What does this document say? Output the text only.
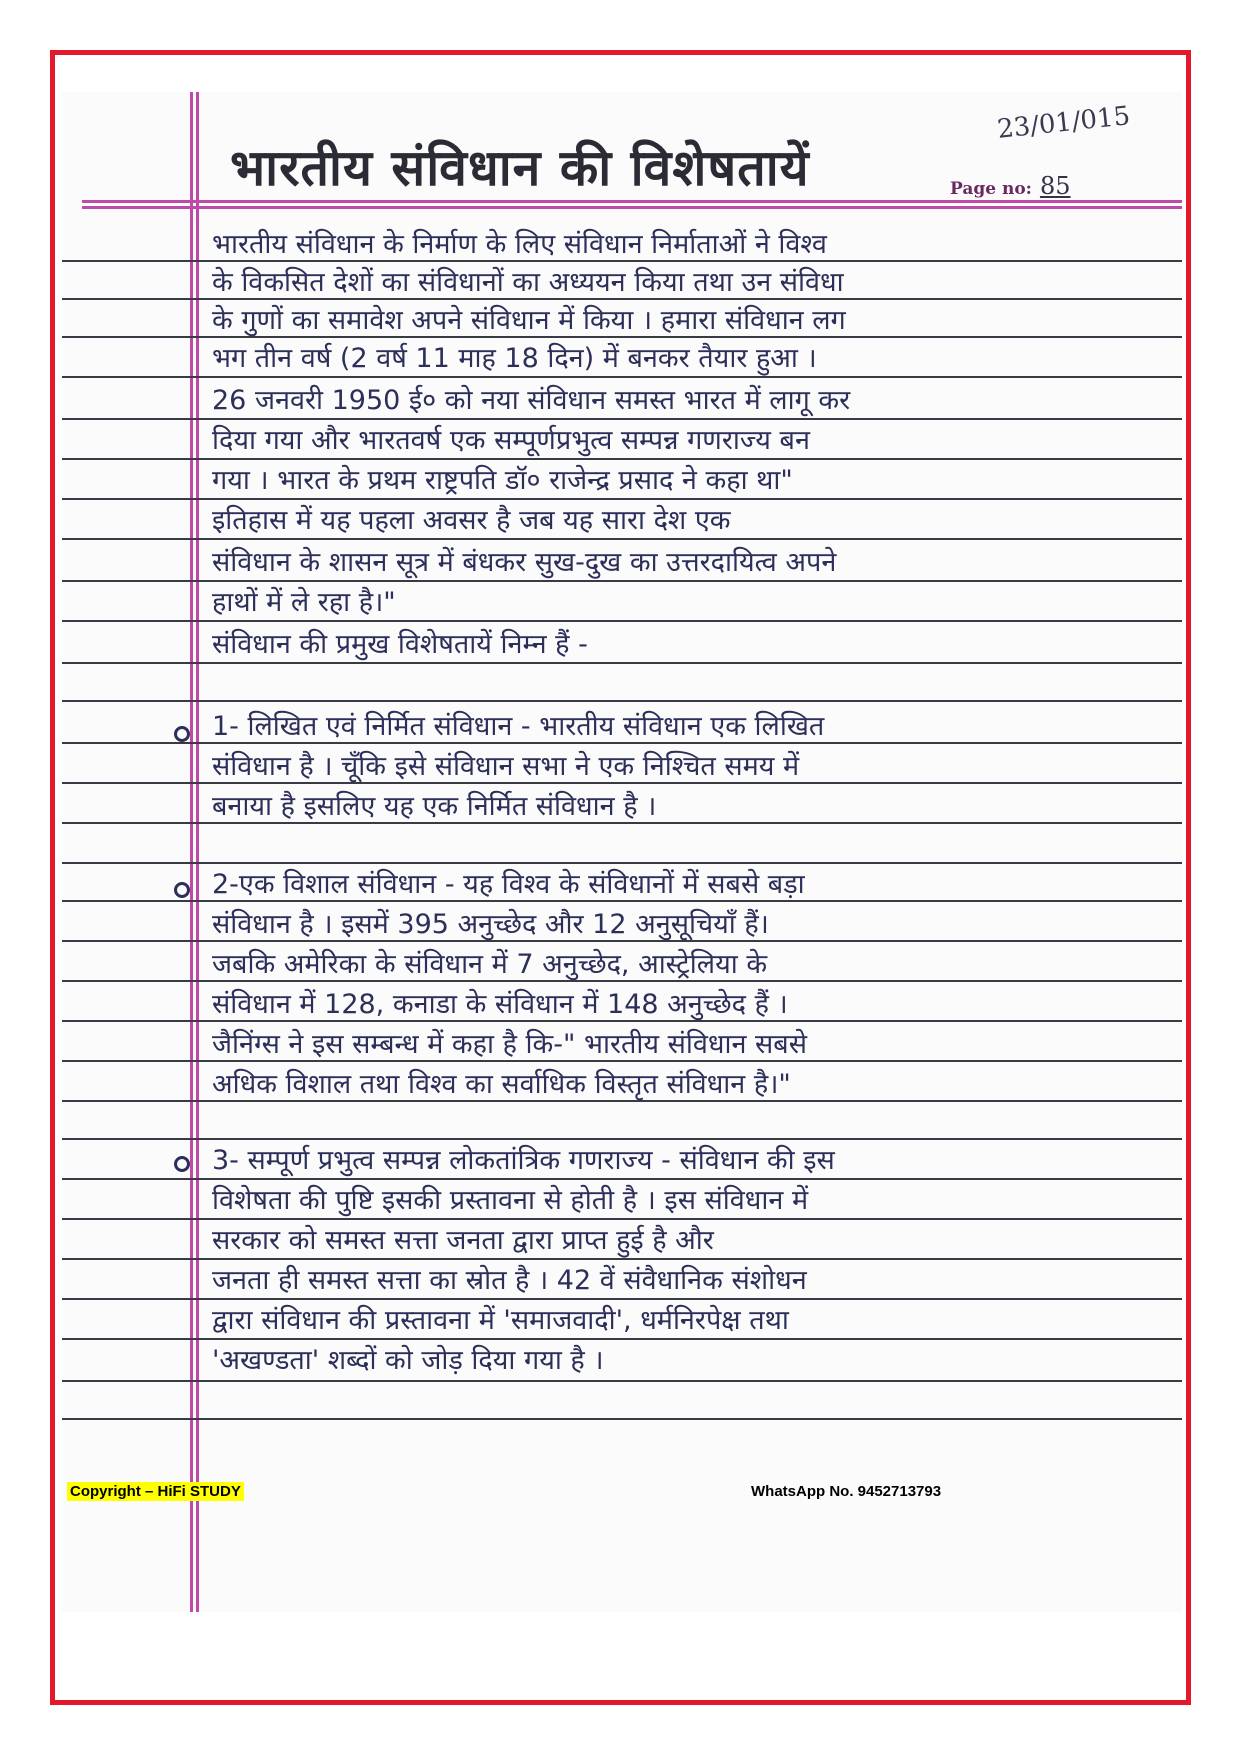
भारतीय संविधान की विशेषतायें
23/01/015
Page no: 85
भारतीय संविधान के निर्माण के लिए संविधान निर्माताओं ने विश्व
के विकसित देशों का संविधानों का अध्ययन किया तथा उन संविधा
के गुणों का समावेश अपने संविधान में किया । हमारा संविधान लग
भग तीन वर्ष (2 वर्ष 11 माह 18 दिन) में बनकर तैयार हुआ ।
26 जनवरी 1950 ई० को नया संविधान समस्त भारत में लागू कर
दिया गया और भारतवर्ष एक सम्पूर्णप्रभुत्व सम्पन्न गणराज्य बन
गया । भारत के प्रथम राष्ट्रपति डॉ० राजेन्द्र प्रसाद ने कहा था"
इतिहास में यह पहला अवसर है जब यह सारा देश एक
संविधान के शासन सूत्र में बंधकर सुख-दुख का उत्तरदायित्व अपने
हाथों में ले रहा है।"
संविधान की प्रमुख विशेषतायें निम्न हैं -
1- लिखित एवं निर्मित संविधान - भारतीय संविधान एक लिखित
संविधान है । चूँकि इसे संविधान सभा ने एक निश्चित समय में
बनाया है इसलिए यह एक निर्मित संविधान है ।
2-एक विशाल संविधान - यह विश्व के संविधानों में सबसे बड़ा
संविधान है । इसमें 395 अनुच्छेद और 12 अनुसूचियाँ हैं।
जबकि अमेरिका के संविधान में 7 अनुच्छेद, आस्ट्रेलिया के
संविधान में 128, कनाडा के संविधान में 148 अनुच्छेद हैं ।
जैनिंग्स ने इस सम्बन्ध में कहा है कि-" भारतीय संविधान सबसे
अधिक विशाल तथा विश्व का सर्वाधिक विस्तृत संविधान है।"
3- सम्पूर्ण प्रभुत्व सम्पन्न लोकतांत्रिक गणराज्य - संविधान की इस
विशेषता की पुष्टि इसकी प्रस्तावना से होती है । इस संविधान में
सरकार को समस्त सत्ता जनता द्वारा प्राप्त हुई है और
जनता ही समस्त सत्ता का स्रोत है । 42 वें संवैधानिक संशोधन
द्वारा संविधान की प्रस्तावना में 'समाजवादी', धर्मनिरपेक्ष तथा
'अखण्डता' शब्दों को जोड़ दिया गया है ।
Copyright – HiFi STUDY	WhatsApp No. 9452713793
